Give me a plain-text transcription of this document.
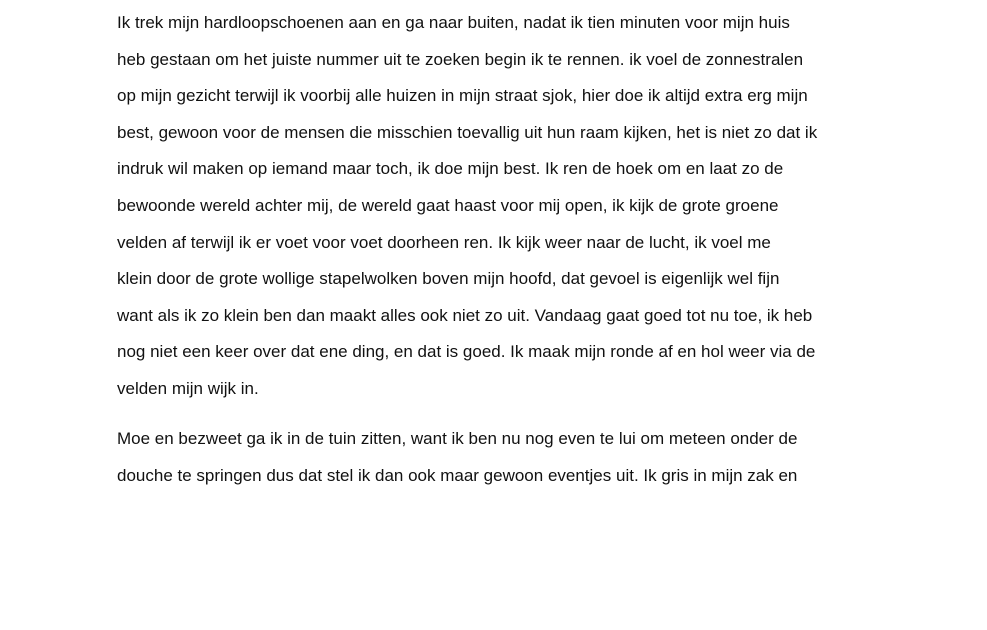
Ik trek mijn hardloopschoenen aan en ga naar buiten, nadat ik tien minuten voor mijn huis
heb gestaan om het juiste nummer uit te zoeken begin ik te rennen. ik voel de zonnestralen
op mijn gezicht terwijl ik voorbij alle huizen in mijn straat sjok, hier doe ik altijd extra erg mijn
best, gewoon voor de mensen die misschien toevallig uit hun raam kijken, het is niet zo dat ik
indruk wil maken op iemand maar toch, ik doe mijn best. Ik ren de hoek om en laat zo de
bewoonde wereld achter mij, de wereld gaat haast voor mij open, ik kijk de grote groene
velden af terwijl ik er voet voor voet doorheen ren. Ik kijk weer naar de lucht, ik voel me
klein door de grote wollige stapelwolken boven mijn hoofd, dat gevoel is eigenlijk wel fijn
want als ik zo klein ben dan maakt alles ook niet zo uit. Vandaag gaat goed tot nu toe, ik heb
nog niet een keer over dat ene ding, en dat is goed. Ik maak mijn ronde af en hol weer via de
velden mijn wijk in.

Moe en bezweet ga ik in de tuin zitten, want ik ben nu nog even te lui om meteen onder de
douche te springen dus dat stel ik dan ook maar gewoon eventjes uit. Ik gris in mijn zak en
